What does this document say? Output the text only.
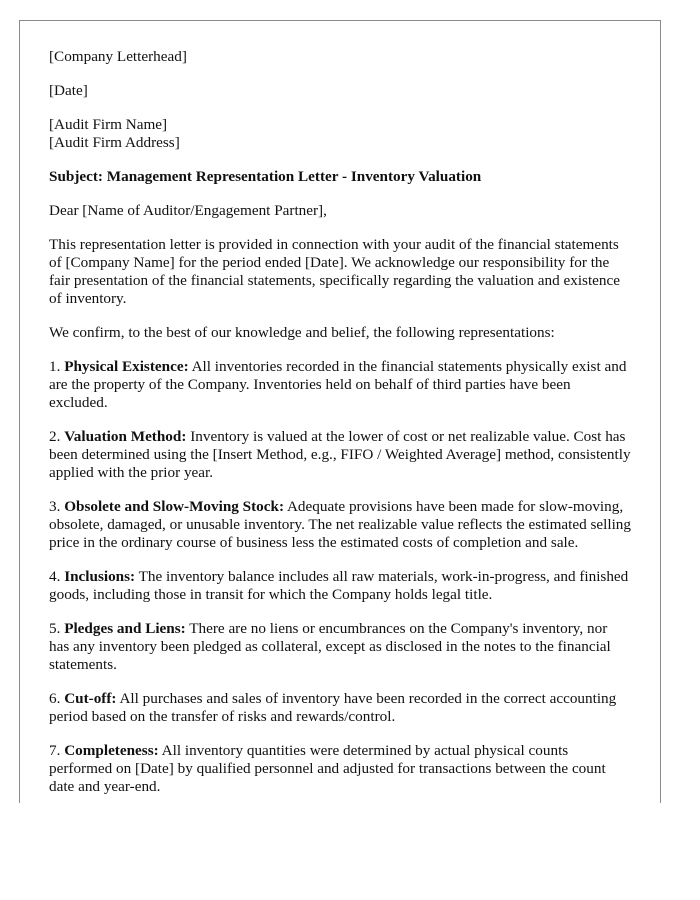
[Company Letterhead]

[Date]

[Audit Firm Name]

[Audit Firm Address]

Subject: Management Representation Letter - Inventory Valuation

Dear [Name of Auditor/Engagement Partner],

This representation letter is provided in connection with your audit of the financial statements of [Company Name] for the period ended [Date]. We acknowledge our responsibility for the fair presentation of the financial statements, specifically regarding the valuation and existence of inventory.

We confirm, to the best of our knowledge and belief, the following representations:

1. Physical Existence: All inventories recorded in the financial statements physically exist and are the property of the Company. Inventories held on behalf of third parties have been excluded.

2. Valuation Method: Inventory is valued at the lower of cost or net realizable value. Cost has been determined using the [Insert Method, e.g., FIFO / Weighted Average] method, consistently applied with the prior year.

3. Obsolete and Slow-Moving Stock: Adequate provisions have been made for slow-moving, obsolete, damaged, or unusable inventory. The net realizable value reflects the estimated selling price in the ordinary course of business less the estimated costs of completion and sale.

4. Inclusions: The inventory balance includes all raw materials, work-in-progress, and finished goods, including those in transit for which the Company holds legal title.

5. Pledges and Liens: There are no liens or encumbrances on the Company's inventory, nor has any inventory been pledged as collateral, except as disclosed in the notes to the financial statements.

6. Cut-off: All purchases and sales of inventory have been recorded in the correct accounting period based on the transfer of risks and rewards/control.

7. Completeness: All inventory quantities were determined by actual physical counts performed on [Date] by qualified personnel and adjusted for transactions between the count date and year-end.
